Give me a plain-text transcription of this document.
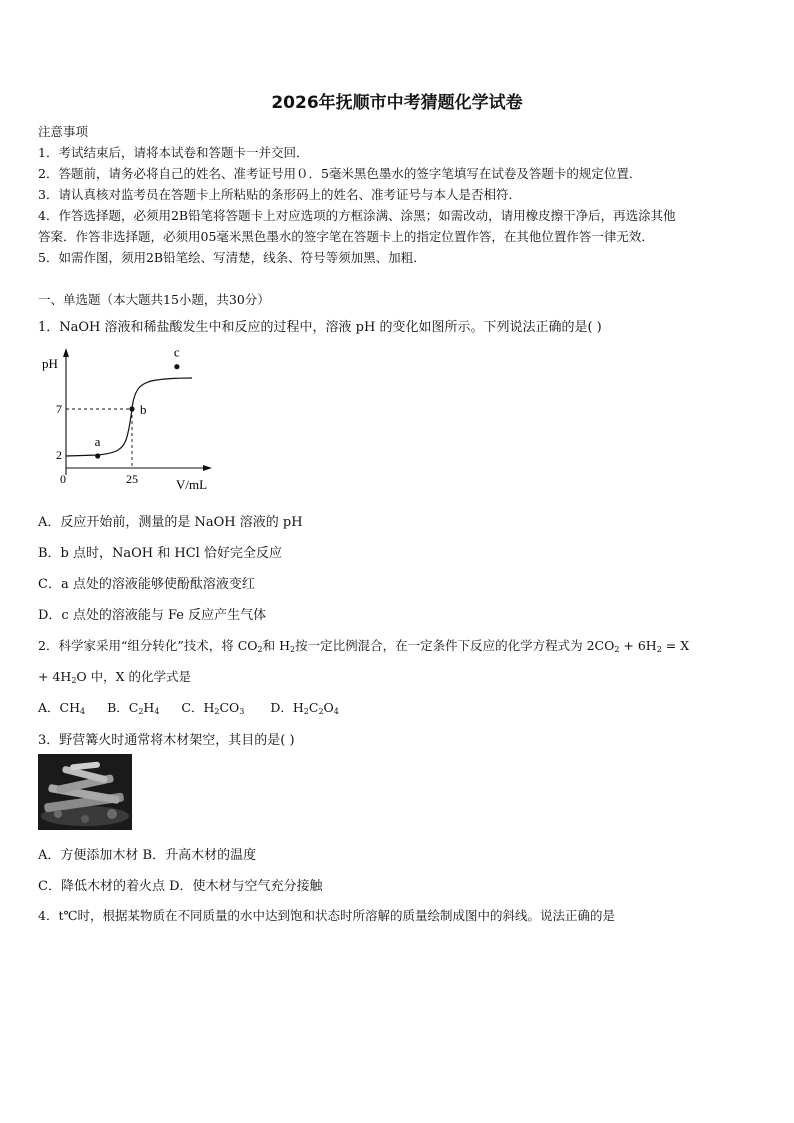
2026年抚顺市中考猜题化学试卷
注意事项
1．考试结束后，请将本试卷和答题卡一并交回．
2．答题前，请务必将自己的姓名、准考证号用０．5毫米黑色墨水的签字笔填写在试卷及答题卡的规定位置．
3．请认真核对监考员在答题卡上所粘贴的条形码上的姓名、准考证号与本人是否相符．
4．作答选择题，必须用2B铅笔将答题卡上对应选项的方框涂满、涂黑；如需改动，请用橡皮擦干净后，再选涂其他
答案．作答非选择题，必须用05毫米黑色墨水的签字笔在答题卡上的指定位置作答，在其他位置作答一律无效．
5．如需作图，须用2B铅笔绘、写清楚，线条、符号等须加黑、加粗．
一、单选题（本大题共15小题，共30分）
1．NaOH 溶液和稀盐酸发生中和反应的过程中，溶液 pH 的变化如图所示。下列说法正确的是( )
pH
V/mL
0	25
2
7
a
b
c
A．反应开始前，测量的是 NaOH 溶液的 pH
B．b 点时，NaOH 和 HCl 恰好完全反应
C．a 点处的溶液能够使酚酞溶液变红
D．c 点处的溶液能与 Fe 反应产生气体
2．科学家采用“组分转化”技术，将 $CO_2$和 $H_2$按一定比例混合，在一定条件下反应的化学方程式为 $2CO_2 + 6H_2 = X$
+ $4H_2O$ 中，X 的化学式是
A．$CH_4$ B．$C_2H_4$ C．$H_2CO_3$ D．$H_2C_2O_4$
3．野营篝火时通常将木材架空，其目的是( )
A．方便添加木材 B．升高木材的温度
C．降低木材的着火点 D．使木材与空气充分接触
4．t℃时，根据某物质在不同质量的水中达到饱和状态时所溶解的质量绘制成图中的斜线。说法正确的是
